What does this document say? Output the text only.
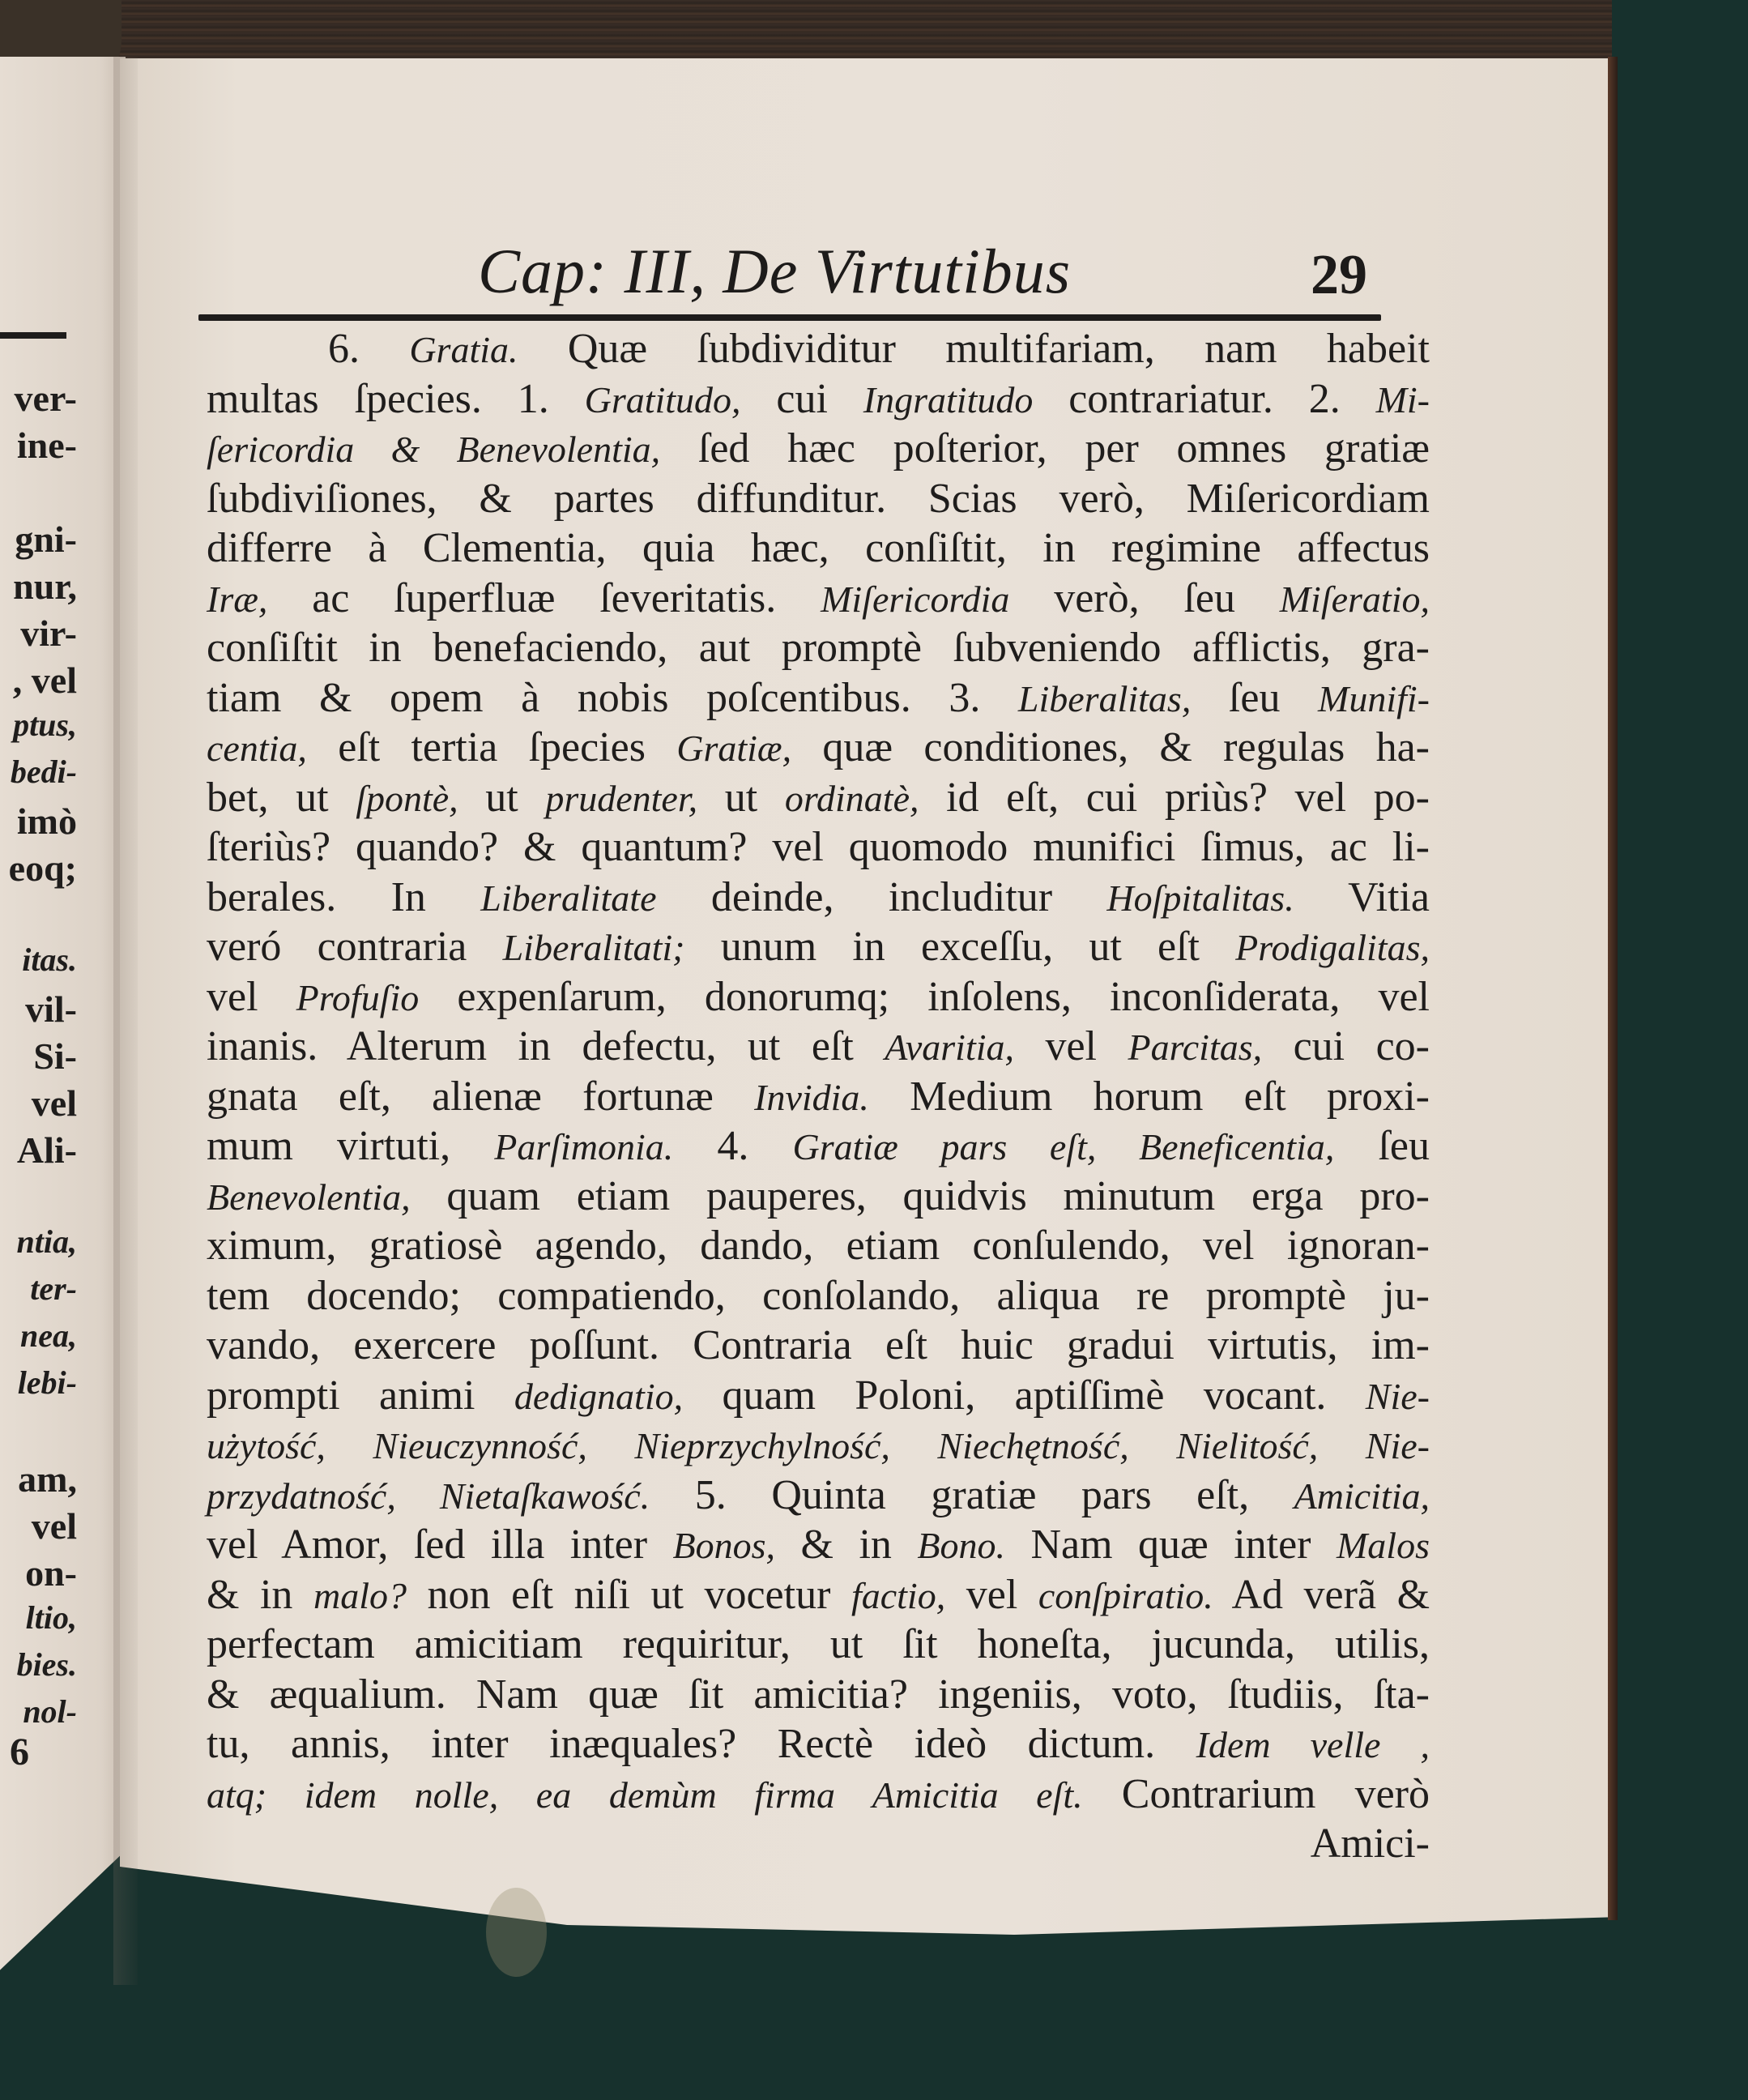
ver-
ine-
gni-
nur,
vir-
, vel
ptus,
bedi-
imò
eoq;
itas.
vil-
Si-
vel
Ali-
ntia,
ter-
nea,
lebi-
am,
vel
on-
ltio,
bies.
nol-
6
Cap: III, De Virtutibus	29
6. Gratia. Quæ ſubdividitur multifariam, nam habeit
multas ſpecies. 1. Gratitudo, cui Ingratitudo contrariatur. 2. Mi-
ſericordia & Benevolentia, ſed hæc poſterior, per omnes gratiæ
ſubdiviſiones, & partes diffunditur. Scias verò, Miſericordiam
differre à Clementia, quia hæc, conſiſtit, in regimine affectus
Iræ, ac ſuperfluæ ſeveritatis. Miſericordia verò, ſeu Miſeratio,
conſiſtit in benefaciendo, aut promptè ſubveniendo afflictis, gra-
tiam & opem à nobis poſcentibus. 3. Liberalitas, ſeu Munifi-
centia, eſt tertia ſpecies Gratiæ, quæ conditiones, & regulas ha-
bet, ut ſpontè, ut prudenter, ut ordinatè, id eſt, cui priùs? vel po-
ſteriùs? quando? & quantum? vel quomodo munifici ſimus, ac li-
berales. In Liberalitate deinde, includitur Hoſpitalitas. Vitia
veró contraria Liberalitati; unum in exceſſu, ut eſt Prodigalitas,
vel Profuſio expenſarum, donorumq; inſolens, inconſiderata, vel
inanis. Alterum in defectu, ut eſt Avaritia, vel Parcitas, cui co-
gnata eſt, alienæ fortunæ Invidia. Medium horum eſt proxi-
mum virtuti, Parſimonia. 4. Gratiæ pars eſt, Beneficentia, ſeu
Benevolentia, quam etiam pauperes, quidvis minutum erga pro-
ximum, gratiosè agendo, dando, etiam conſulendo, vel ignoran-
tem docendo; compatiendo, conſolando, aliqua re promptè ju-
vando, exercere poſſunt. Contraria eſt huic gradui virtutis, im-
prompti animi dedignatio, quam Poloni, aptiſſimè vocant. Nie-
użytość, Nieuczynność, Nieprzychylność, Niechętność, Nielitość, Nie-
przydatność, Nietaſkawość. 5. Quinta gratiæ pars eſt, Amicitia,
vel Amor, ſed illa inter Bonos, & in Bono. Nam quæ inter Malos
& in malo? non eſt niſi ut vocetur factio, vel conſpiratio. Ad verã &
perfectam amicitiam requiritur, ut ſit honeſta, jucunda, utilis,
& æqualium. Nam quæ ſit amicitia? ingeniis, voto, ſtudiis, ſta-
tu, annis, inter inæquales? Rectè ideò dictum. Idem velle ,
atq; idem nolle, ea demùm firma Amicitia eſt. Contrarium verò
Amici-
